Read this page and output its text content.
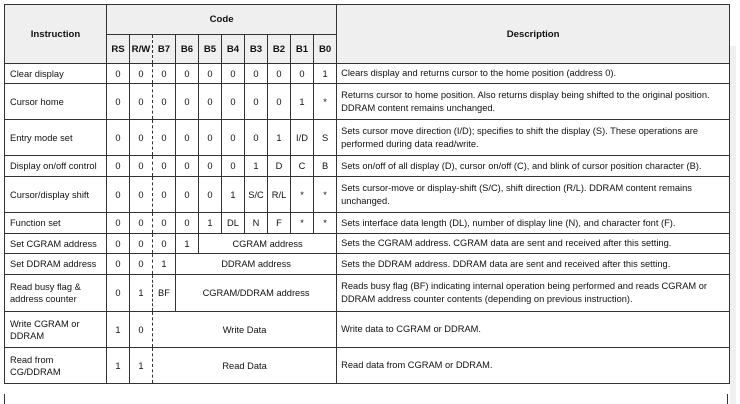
Instruction	Code										Description
	RS	R/W	B7	B6	B5	B4	B3	B2	B1	B0	
Clear display	0	0	0	0	0	0	0	0	0	1	Clears display and returns cursor to the home position (address 0).
Cursor home	0	0	0	0	0	0	0	0	1	*	Returns cursor to home position. Also returns display being shifted to the original position. DDRAM content remains unchanged.
Entry mode set	0	0	0	0	0	0	0	1	I/D	S	Sets cursor move direction (I/D); specifies to shift the display (S). These operations are performed during data read/write.
Display on/off control	0	0	0	0	0	0	1	D	C	B	Sets on/off of all display (D), cursor on/off (C), and blink of cursor position character (B).
Cursor/display shift	0	0	0	0	0	1	S/C	R/L	*	*	Sets cursor-move or display-shift (S/C), shift direction (R/L). DDRAM content remains unchanged.
Function set	0	0	0	0	1	DL	N	F	*	*	Sets interface data length (DL), number of display line (N), and character font (F).
Set CGRAM address	0	0	0	1	CGRAM address						Sets the CGRAM address. CGRAM data are sent and received after this setting.
Set DDRAM address	0	0	1	DDRAM address							Sets the DDRAM address. DDRAM data are sent and received after this setting.
Read busy flag & address counter	0	1	BF	CGRAM/DDRAM address							Reads busy flag (BF) indicating internal operation being performed and reads CGRAM or DDRAM address counter contents (depending on previous instruction).
Write CGRAM or DDRAM	1	0	Write Data								Write data to CGRAM or DDRAM.
Read from CG/DDRAM	1	1	Read Data								Read data from CGRAM or DDRAM.
